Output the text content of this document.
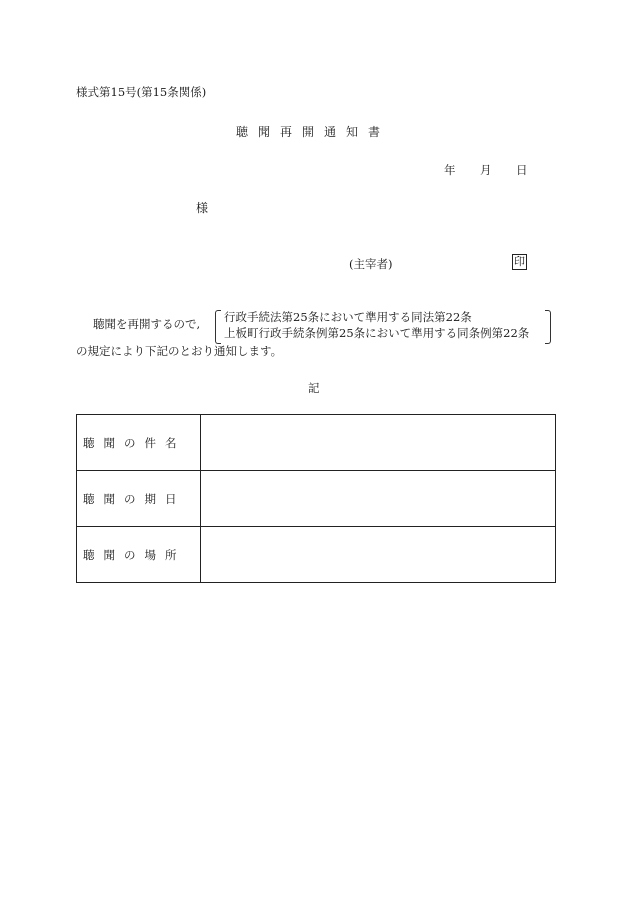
様式第15号(第15条関係)
聴聞再開通知書
年	月	日
様
(主宰者)	印
聴聞を再開するので, 行政手続法第25条において準用する同法第22条
上板町行政手続条例第25条において準用する同条例第22条
の規定により下記のとおり通知します。
記
聴聞の件名	
聴聞の期日	
聴聞の場所	
